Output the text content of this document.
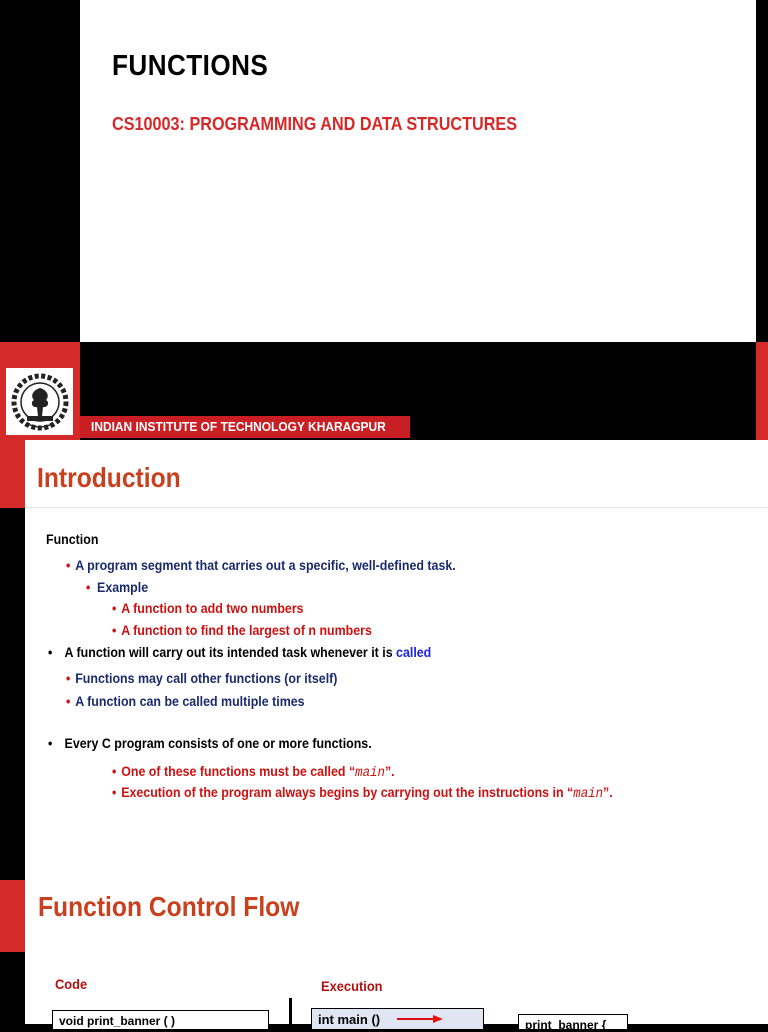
FUNCTIONS
CS10003: PROGRAMMING AND DATA STRUCTURES
INDIAN INSTITUTE OF TECHNOLOGY KHARAGPUR	1
Introduction
Function
• A program segment that carries out a specific, well-defined task.
• Example
• A function to add two numbers
• A function to find the largest of n numbers
• A function will carry out its intended task whenever it is called
• Functions may call other functions (or itself)
• A function can be called multiple times
• Every C program consists of one or more functions.
• One of these functions must be called “main”.
• Execution of the program always begins by carrying out the instructions in “main”.
Function Control Flow
Code	Execution
void print_banner ( )	int main ()	print_banner {
